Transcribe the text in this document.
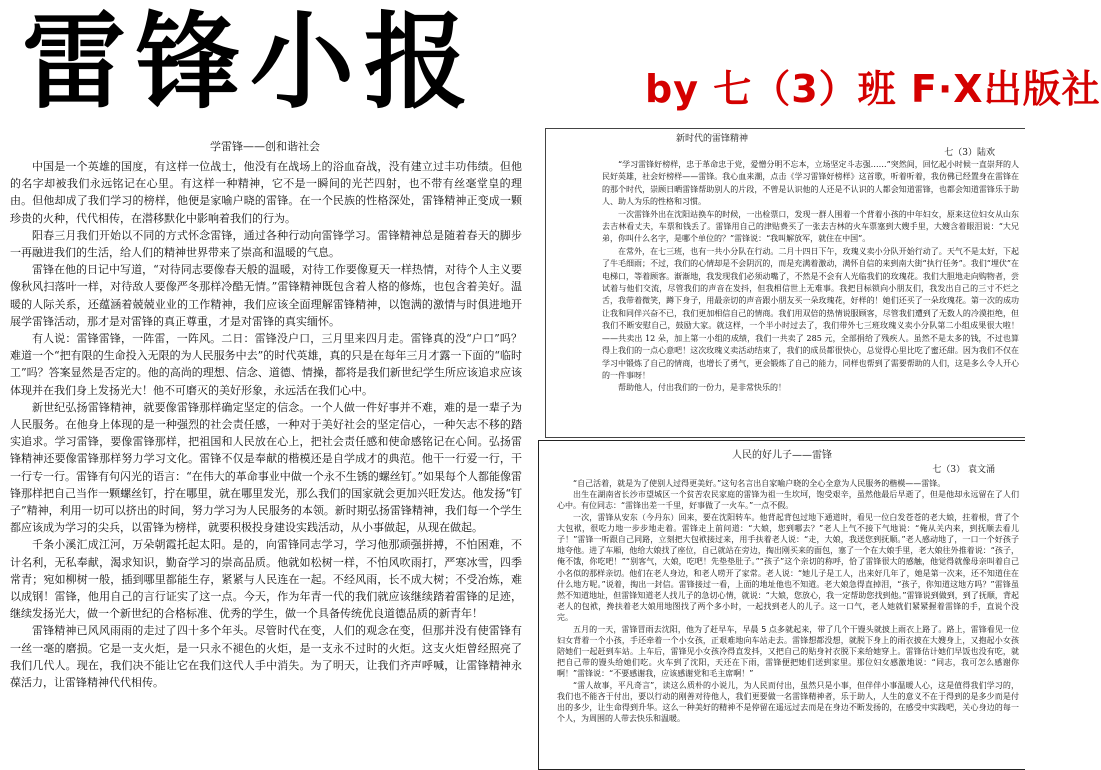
雷锋小报	by 七（3）班 F·X出版社
学雷锋——创和谐社会

中国是一个英雄的国度，有这样一位战士，他没有在战场上的浴血奋战，没有建立过丰功伟绩。但他的名字却被我们永远铭记在心里。有这样一种精神，它不是一瞬间的光芒四射，也不带有丝毫堂皇的理由。但他却成了我们学习的榜样，他便是家喻户晓的雷锋。在一个民族的性格深处，雷锋精神正变成一颗珍贵的火种，代代相传，在潜移默化中影响着我们的行为。

阳春三月我们开始以不同的方式怀念雷锋，通过各种行动向雷锋学习。雷锋精神总是随着春天的脚步一再融进我们的生活，给人们的精神世界带来了崇高和温暖的气息。

雷锋在他的日记中写道，“对待同志要像春天般的温暖，对待工作要像夏天一样热情，对待个人主义要像秋风扫落叶一样，对待敌人要像严冬那样冷酷无情。”雷锋精神既包含着人格的修炼，也包含着美好。温暖的人际关系，还蕴涵着兢兢业业的工作精神，我们应该全面理解雷锋精神，以饱满的激情与时俱进地开展学雷锋活动，那才是对雷锋的真正尊重，才是对雷锋的真实缅怀。

有人说：雷锋雷锋，一阵雷，一阵风。二日：雷锋没户口，三月里来四月走。雷锋真的没“户口”吗？难道一个“把有限的生命投入无限的为人民服务中去”的时代英雄，真的只是在每年三月才露一下面的“临时工”吗？答案显然是否定的。他的高尚的理想、信念、道德、情操，都将是我们新世纪学生所应该追求应该体现并在我们身上发扬光大！他不可磨灭的美好形象，永远活在我们心中。

新世纪弘扬雷锋精神，就要像雷锋那样确定坚定的信念。一个人做一件好事并不难，难的是一辈子为人民服务。在他身上体现的是一种强烈的社会责任感，一种对于美好社会的坚定信心，一种矢志不移的踏实追求。学习雷锋，要像雷锋那样，把祖国和人民放在心上，把社会责任感和使命感铭记在心间。弘扬雷锋精神还要像雷锋那样努力学习文化。雷锋不仅是奉献的楷模还是自学成才的典范。他干一行爱一行，干一行专一行。雷锋有句闪光的语言：“在伟大的革命事业中做一个永不生锈的螺丝钉。”如果每个人都能像雷锋那样把自己当作一颗螺丝钉，拧在哪里，就在哪里发光，那么我们的国家就会更加兴旺发达。他发扬“钉子”精神，利用一切可以挤出的时间，努力学习为人民服务的本领。新时期弘扬雷锋精神，我们每一个学生都应该成为学习的尖兵，以雷锋为榜样，就要积极投身建设实践活动，从小事做起，从现在做起。

千条小溪汇成江河，万朵朝霞托起太阳。是的，向雷锋同志学习，学习他那顽强拼搏，不怕困难，不计名利，无私奉献，渴求知识，勤奋学习的崇高品质。他就如松树一样，不怕风吹雨打，严寒冰雪，四季常青；宛如柳树一般，插到哪里都能生存，紧紧与人民连在一起。不经风雨，长不成大树；不受冶炼，难以成钢！雷锋，他用自己的言行证实了这一点。今天，作为年青一代的我们就应该继续踏着雷锋的足迹，继续发扬光大，做一个新世纪的合格标准、优秀的学生，做一个具备传统优良道德品质的新青年！

雷锋精神已风风雨雨的走过了四十多个年头。尽管时代在变，人们的观念在变，但那并没有使雷锋有一丝一毫的磨损。它是一支火炬，是一只永不褪色的火炬，是一支永不过时的火炬。这支火炬曾经照亮了我们几代人。现在，我们决不能让它在我们这代人手中消失。为了明天，让我们齐声呼喊，让雷锋精神永葆活力，让雷锋精神代代相传。

新时代的雷锋精神
七（3）陆欢

“学习雷锋好榜样，忠于革命忠于党，爱憎分明不忘本，立场坚定斗志强……”突然间，回忆起小时候一直崇拜的人民好英雄，社会好榜样——雷锋。我心血来潮，点击《学习雷锋好榜样》这首歌，听着听着，我仿佛已经置身在雷锋在的那个时代，崇顾日晒雷锋帮助别人的片段，不曾是认识他的人还是不认识的人都会知道雷锋，也都会知道雷锋乐于助人、助人为乐的性格和习惯。

一次雷锋外出在沈阳站换车的时候，一出检票口，发现一群人围着一个背着小孩的中年妇女，原来这位妇女从山东去吉林看丈夫，车票和钱丢了。雷锋用自己的津贴费买了一张去吉林的火车票塞到大嫂手里，大嫂含着眼泪说：“大兄弟，你叫什么名字，是哪个单位的？”雷锋说：“我叫解放军，就住在中国”。

在常外，在七三班，也有一共小分队在行动。二月十四日下午，玫瑰义卖小分队开始行动了。天气不是太好，下起了牛毛细雨；不过，我们的心情却是不会阴沉的，而是充满着激动，满怀自信的来到南大街“执行任务”。我们“埋伏”在电梯口，等着顾客。渐渐地，我发现我们必须动嘴了，不然是不会有人光临我们的玫瑰花。我们大胆地走向购物者，尝试着与他们交流，尽管我们的声音在发抖，但我相信世上无难事。我把目标锁向小朋友们，我发出自己的三寸不烂之舌，我带着微笑，蹲下身子，用最亲切的声音跟小朋友买一朵玫瑰花，好样的！她们还买了一朵玫瑰花。第一次的成功让我和同伴兴奋不已，我们更加相信自己的情商。我们用双倍的热情说服顾客，尽管我们遭到了无数人的冷漠拒绝，但我们不断安慰自己，鼓励大家。就这样，一个半小时过去了，我们带外七三班玫瑰义卖小分队第二小组成果很大啦！——共卖出 12 朵，加上第一小组的成绩，我们一共卖了 285 元，全部捐给了残疾人。虽然不是太多的钱，不过也算得上我们的一点心意吧！这次玫瑰义卖活动结束了，我们的成员都很快心，总觉得心里比吃了蜜还甜。因为我们不仅在学习中锻炼了自己的情商，也增长了勇气，更会锻炼了自己的能力，同样也帮到了需要帮助的人们，这是多么令人开心的一件事呀！

帮助他人，付出我们的一份力，是非常快乐的！

人民的好儿子——雷锋
七（3） 袁文涌

“自己活着，就是为了使别人过得更美好。”这句名言出自家喻户晓的全心全意为人民服务的楷模——雷锋。

出生在湖南省长沙市望城区一个贫苦农民家庭的雷锋为祖一生坎坷，饱受艰辛，虽然他最后早逝了，但是他却永远留在了人们心中。有位同志：“雷锋出差一千里，好事做了一火车。”一点不假。

一次，雷锋从安东（今丹东）回来，要在沈阳转车。他背起背包过地下通道时，看见一位白发苍苍的老大娘，拄着根，背了个大包袱，很吃力地一步步地走着。雷锋走上前问道：“大娘，您到哪去？”老人上气不接下气地说：“俺从关内来，到抚顺去看儿子！”雷锋一听跟自己同路，立刻把大包袱接过来，用手扶着老人说：“走，大娘，我送您到抚顺。”老人感动地了，一口一个好孩子地夸他。进了车厢，他给大娘找了座位，自己就站在旁边，掏出刚买来的面包，塞了一个在大娘手里，老大娘往外推着说：“孩子，俺不饿，你吃吧！”“别客气，大娘，吃吧！先垫垫肚子。”“孩子”这个亲切的称呼，恰了雷锋很大的感触，他觉得就像母亲叫着自己小名似的那样亲切。他们在老人身边，和老人唠开了家常。老人说：“她儿子是工人，出来好几年了，她是第一次来，还不知道住在什么地方呢。”说着，掏出一封信。雷锋接过一看，上面的地址他也不知道。老大娘急得直掉泪，“孩子，你知道这地方吗？”雷锋虽然不知道地址，但雷锋知道老人找儿子的急切心情，就说：“大娘，您放心，我一定帮助您找到他。”雷锋说到做到，到了抚顺，背起老人的包袱，搀扶着老大娘用地图找了两个多小时，一起找到老人的儿子。这一口气，老人她就们紧紧握着雷锋的手，直说个没完。

五月的一天，雷锋冒雨去沈阳，他为了赶早车，早晨 5 点多就起来，带了几个干馒头就披上雨衣上路了。路上，雷锋看见一位妇女背着一个小孩，手还牵着一个小女孩，正艰难地向车站走去。雷锋想都没想，就脱下身上的雨衣披在大嫂身上，又抱起小女孩陪她们一起赶到车站。上车后，雷锋见小女孩冷得直发抖，又把自己的贴身衬衣脱下来给她穿上。雷锋估计她们早饭也没有吃，就把自己带的馒头给她们吃。火车到了沈阳，天还在下雨，雷锋便把她们送到家里。那位妇女感激地说：“同志，我可怎么感谢你啊！”雷锋说：“不要感谢我，应该感谢党和毛主席啊！”

“雷人故事，平凡奇言”，读这么质朴的小说儿，为人民而付出，虽然只是小事，但伴伴小事温暖人心，这是值得我们学习的，我们也不能吝于付出，要以行动的刚善对待他人，我们更要做一名雷锋精神者，乐于助人，人生的意义不在于得到的是多少而是付出的多少，让生命得到升华。这么一种美好的精神不是停留在遥远过去而是在身边不断发扬的，在感受中实践吧，关心身边的每一个人，为周围的人带去快乐和温暖。
